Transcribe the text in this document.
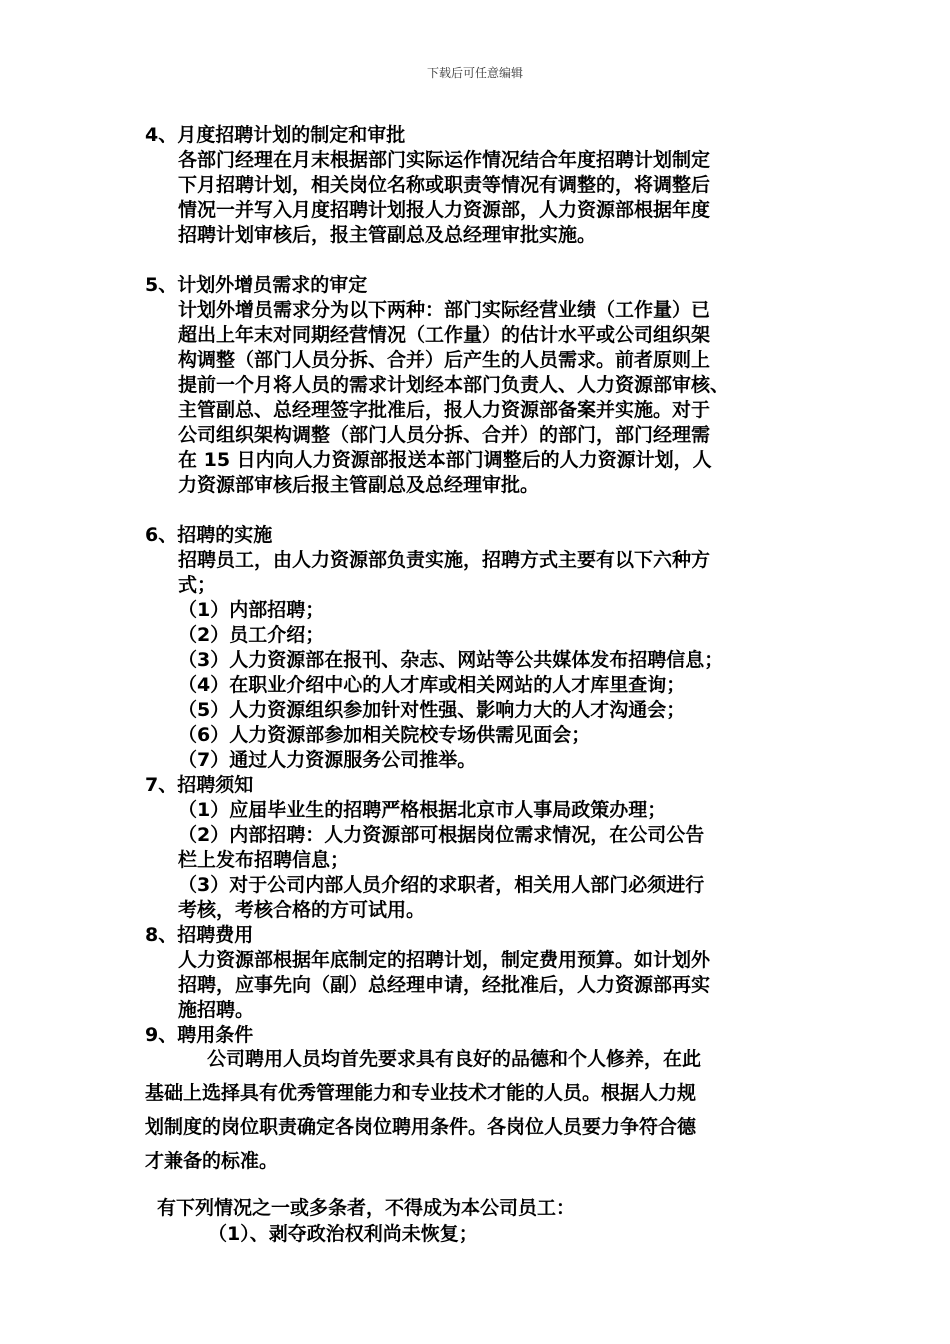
下载后可任意编辑
4、月度招聘计划的制定和审批
各部门经理在月末根据部门实际运作情况结合年度招聘计划制定
下月招聘计划，相关岗位名称或职责等情况有调整的，将调整后
情况一并写入月度招聘计划报人力资源部，人力资源部根据年度
招聘计划审核后，报主管副总及总经理审批实施。
5、计划外增员需求的审定
计划外增员需求分为以下两种：部门实际经营业绩（工作量）已
超出上年末对同期经营情况（工作量）的估计水平或公司组织架
构调整（部门人员分拆、合并）后产生的人员需求。前者原则上
提前一个月将人员的需求计划经本部门负责人、人力资源部审核、
主管副总、总经理签字批准后，报人力资源部备案并实施。对于
公司组织架构调整（部门人员分拆、合并）的部门，部门经理需
在 15 日内向人力资源部报送本部门调整后的人力资源计划，人
力资源部审核后报主管副总及总经理审批。
6、招聘的实施
招聘员工，由人力资源部负责实施，招聘方式主要有以下六种方
式；
（1）内部招聘；
（2）员工介绍；
（3）人力资源部在报刊、杂志、网站等公共媒体发布招聘信息；
（4）在职业介绍中心的人才库或相关网站的人才库里查询；
（5）人力资源组织参加针对性强、影响力大的人才沟通会；
（6）人力资源部参加相关院校专场供需见面会；
（7）通过人力资源服务公司推举。
7、招聘须知
（1）应届毕业生的招聘严格根据北京市人事局政策办理；
（2）内部招聘：人力资源部可根据岗位需求情况，在公司公告
栏上发布招聘信息；
（3）对于公司内部人员介绍的求职者，相关用人部门必须进行
考核，考核合格的方可试用。
8、招聘费用
人力资源部根据年底制定的招聘计划，制定费用预算。如计划外
招聘，应事先向（副）总经理申请，经批准后，人力资源部再实
施招聘。
9、聘用条件
公司聘用人员均首先要求具有良好的品德和个人修养，在此
基础上选择具有优秀管理能力和专业技术才能的人员。根据人力规
划制度的岗位职责确定各岗位聘用条件。各岗位人员要力争符合德
才兼备的标准。
有下列情况之一或多条者，不得成为本公司员工：
（1）、剥夺政治权利尚未恢复；
